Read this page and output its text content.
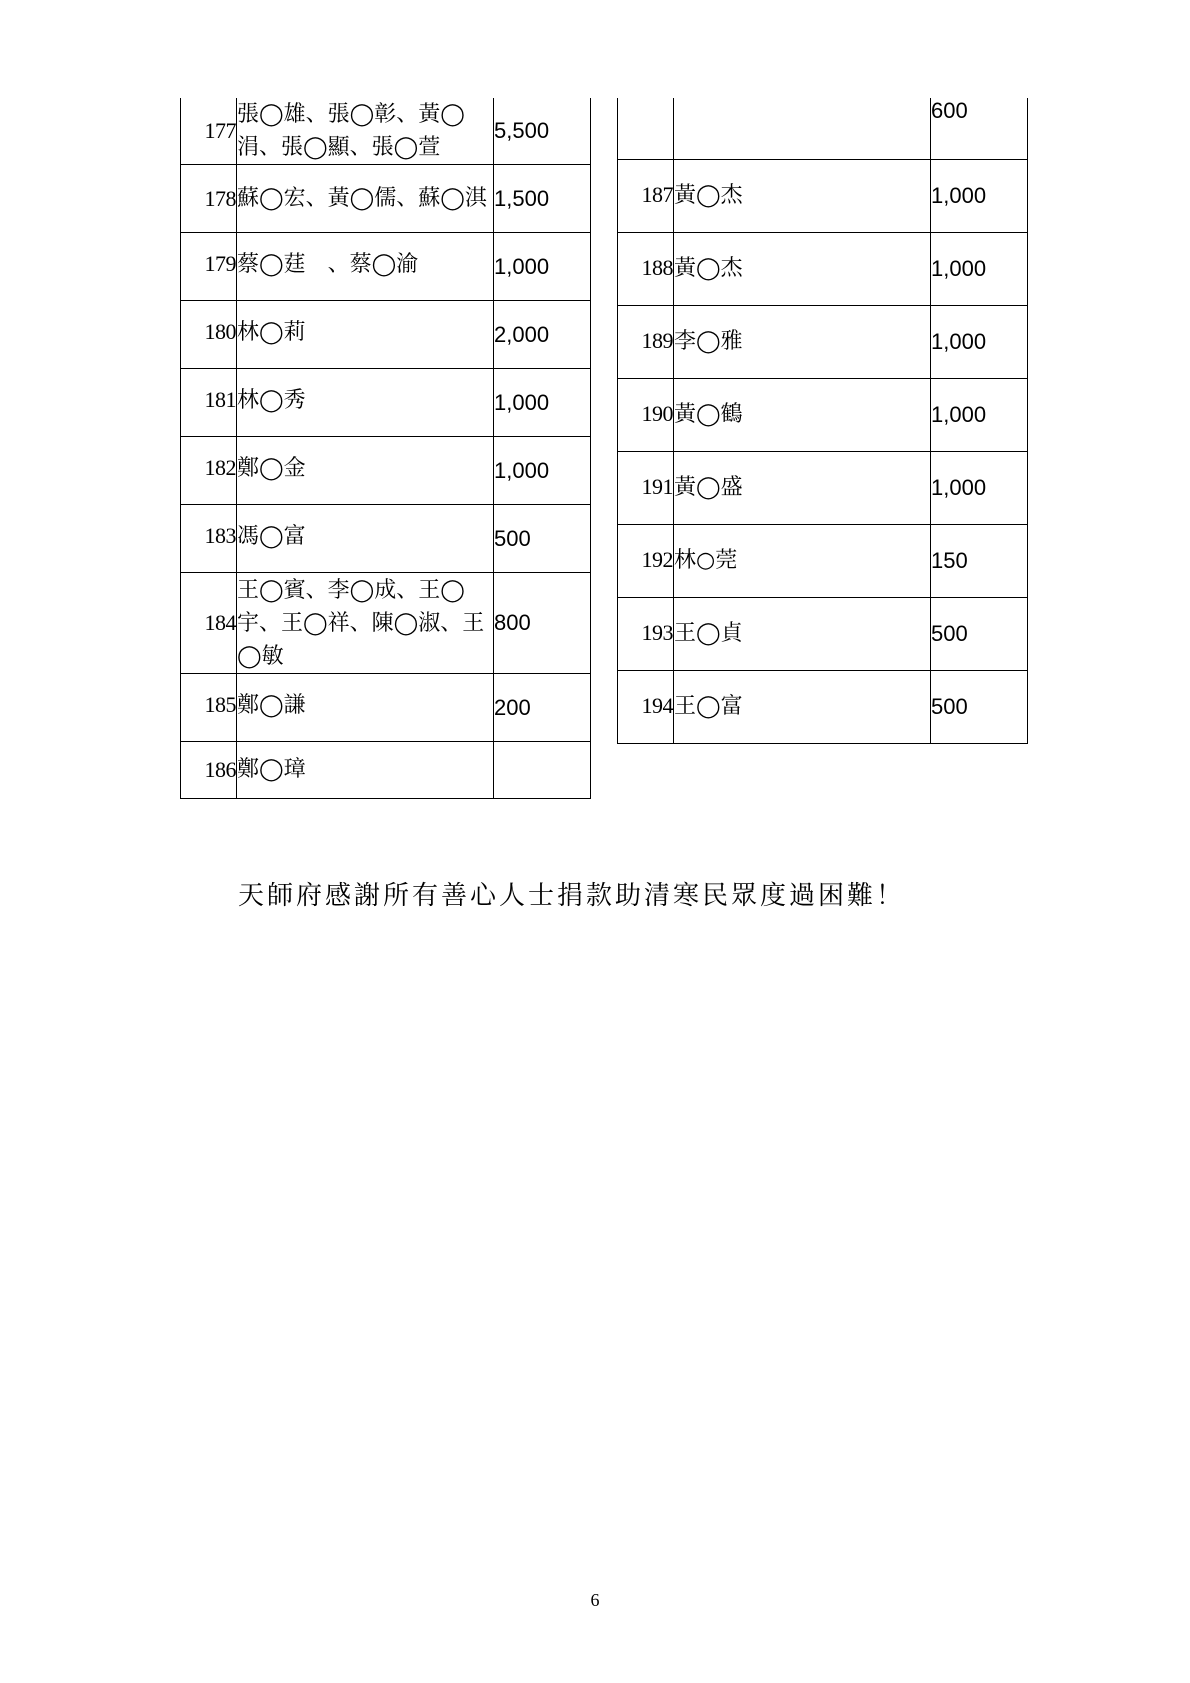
177	張◯雄、張◯彰、黃◯涓、張◯顯、張◯萱	5,500
178	蘇◯宏、黃◯儒、蘇◯淇	1,500
179	蔡◯莛　、蔡◯渝	1,000
180	林◯莉	2,000
181	林◯秀	1,000
182	鄭◯金	1,000
183	馮◯富	500
184	王◯賓、李◯成、王◯宇、王◯祥、陳◯淑、王◯敏	800
185	鄭◯謙	200
186	鄭◯璋	
		600
187	黃◯杰	1,000
188	黃◯杰	1,000
189	李◯雅	1,000
190	黃◯鶴	1,000
191	黃◯盛	1,000
192	林○莞	150
193	王◯貞	500
194	王◯富	500
天師府感謝所有善心人士捐款助清寒民眾度過困難！
6
